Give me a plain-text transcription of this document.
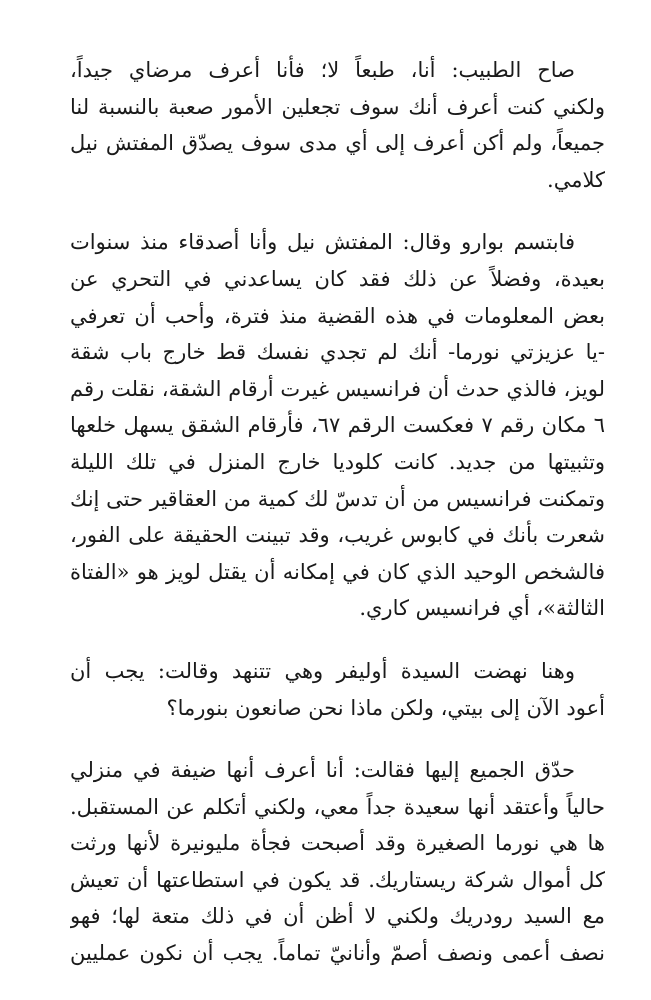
صاح الطبيب: أنا، طبعاً لا؛ فأنا أعرف مرضاي جيداً،
ولكني كنت أعرف أنك سوف تجعلين الأمور صعبة بالنسبة لنا
جميعاً، ولم أكن أعرف إلى أي مدى سوف يصدّق المفتش نيل
كلامي.
فابتسم بوارو وقال: المفتش نيل وأنا أصدقاء منذ سنوات
بعيدة، وفضلاً عن ذلك فقد كان يساعدني في التحري عن
بعض المعلومات في هذه القضية منذ فترة، وأحب أن تعرفي
-يا عزيزتي نورما- أنك لم تجدي نفسك قط خارج باب شقة
لويز، فالذي حدث أن فرانسيس غيرت أرقام الشقة، نقلت رقم
٦ مكان رقم ٧ فعكست الرقم ٦٧، فأرقام الشقق يسهل خلعها
وتثبيتها من جديد. كانت كلوديا خارج المنزل في تلك الليلة
وتمكنت فرانسيس من أن تدسّ لك كمية من العقاقير حتى إنك
شعرت بأنك في كابوس غريب، وقد تبينت الحقيقة على الفور،
فالشخص الوحيد الذي كان في إمكانه أن يقتل لويز هو «الفتاة
الثالثة»، أي فرانسيس كاري.
وهنا نهضت السيدة أوليفر وهي تتنهد وقالت: يجب أن
أعود الآن إلى بيتي، ولكن ماذا نحن صانعون بنورما؟
حدّق الجميع إليها فقالت: أنا أعرف أنها ضيفة في منزلي
حالياً وأعتقد أنها سعيدة جداً معي، ولكني أتكلم عن المستقبل.
ها هي نورما الصغيرة وقد أصبحت فجأة مليونيرة لأنها ورثت
كل أموال شركة ريستاريك. قد يكون في استطاعتها أن تعيش
مع السيد رودريك ولكني لا أظن أن في ذلك متعة لها؛ فهو
نصف أعمى ونصف أصمّ وأنانيّ تماماً. يجب أن نكون عمليين
